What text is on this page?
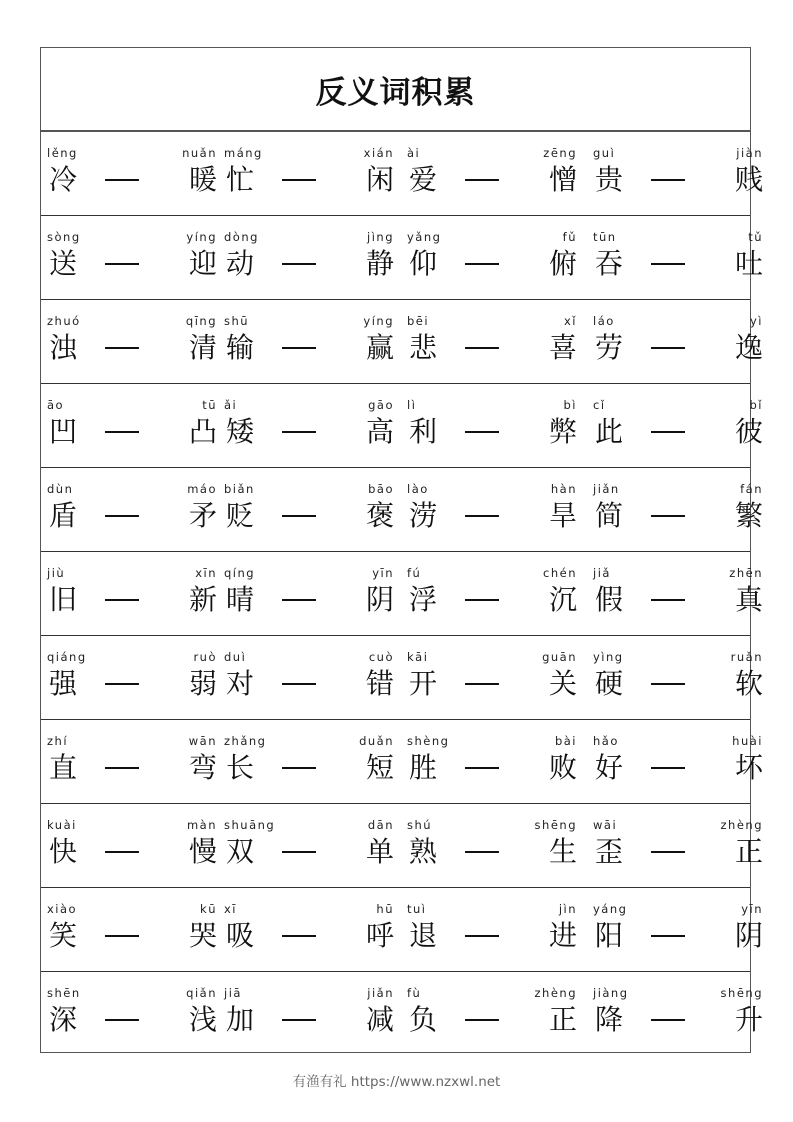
反义词积累
lěng
冷
nuǎn
暖
máng
忙
xián
闲
ài
爱
zēng
憎
guì
贵
jiàn
贱
sòng
送
yíng
迎
dòng
动
jìng
静
yǎng
仰
fǔ
俯
tūn
吞
tǔ
吐
zhuó
浊
qīng
清
shū
输
yíng
赢
bēi
悲
xǐ
喜
láo
劳
yì
逸
āo
凹
tū
凸
ǎi
矮
gāo
高
lì
利
bì
弊
cǐ
此
bǐ
彼
dùn
盾
máo
矛
biǎn
贬
bāo
褒
lào
涝
hàn
旱
jiǎn
简
fán
繁
jiù
旧
xīn
新
qíng
晴
yīn
阴
fú
浮
chén
沉
jiǎ
假
zhēn
真
qiáng
强
ruò
弱
duì
对
cuò
错
kāi
开
guān
关
yìng
硬
ruǎn
软
zhí
直
wān
弯
zhǎng
长
duǎn
短
shèng
胜
bài
败
hǎo
好
huài
坏
kuài
快
màn
慢
shuāng
双
dān
单
shú
熟
shēng
生
wāi
歪
zhèng
正
xiào
笑
kū
哭
xī
吸
hū
呼
tuì
退
jìn
进
yáng
阳
yīn
阴
shēn
深
qiǎn
浅
jiā
加
jiǎn
减
fù
负
zhèng
正
jiàng
降
shēng
升
有渔有礼 https://www.nzxwl.net
